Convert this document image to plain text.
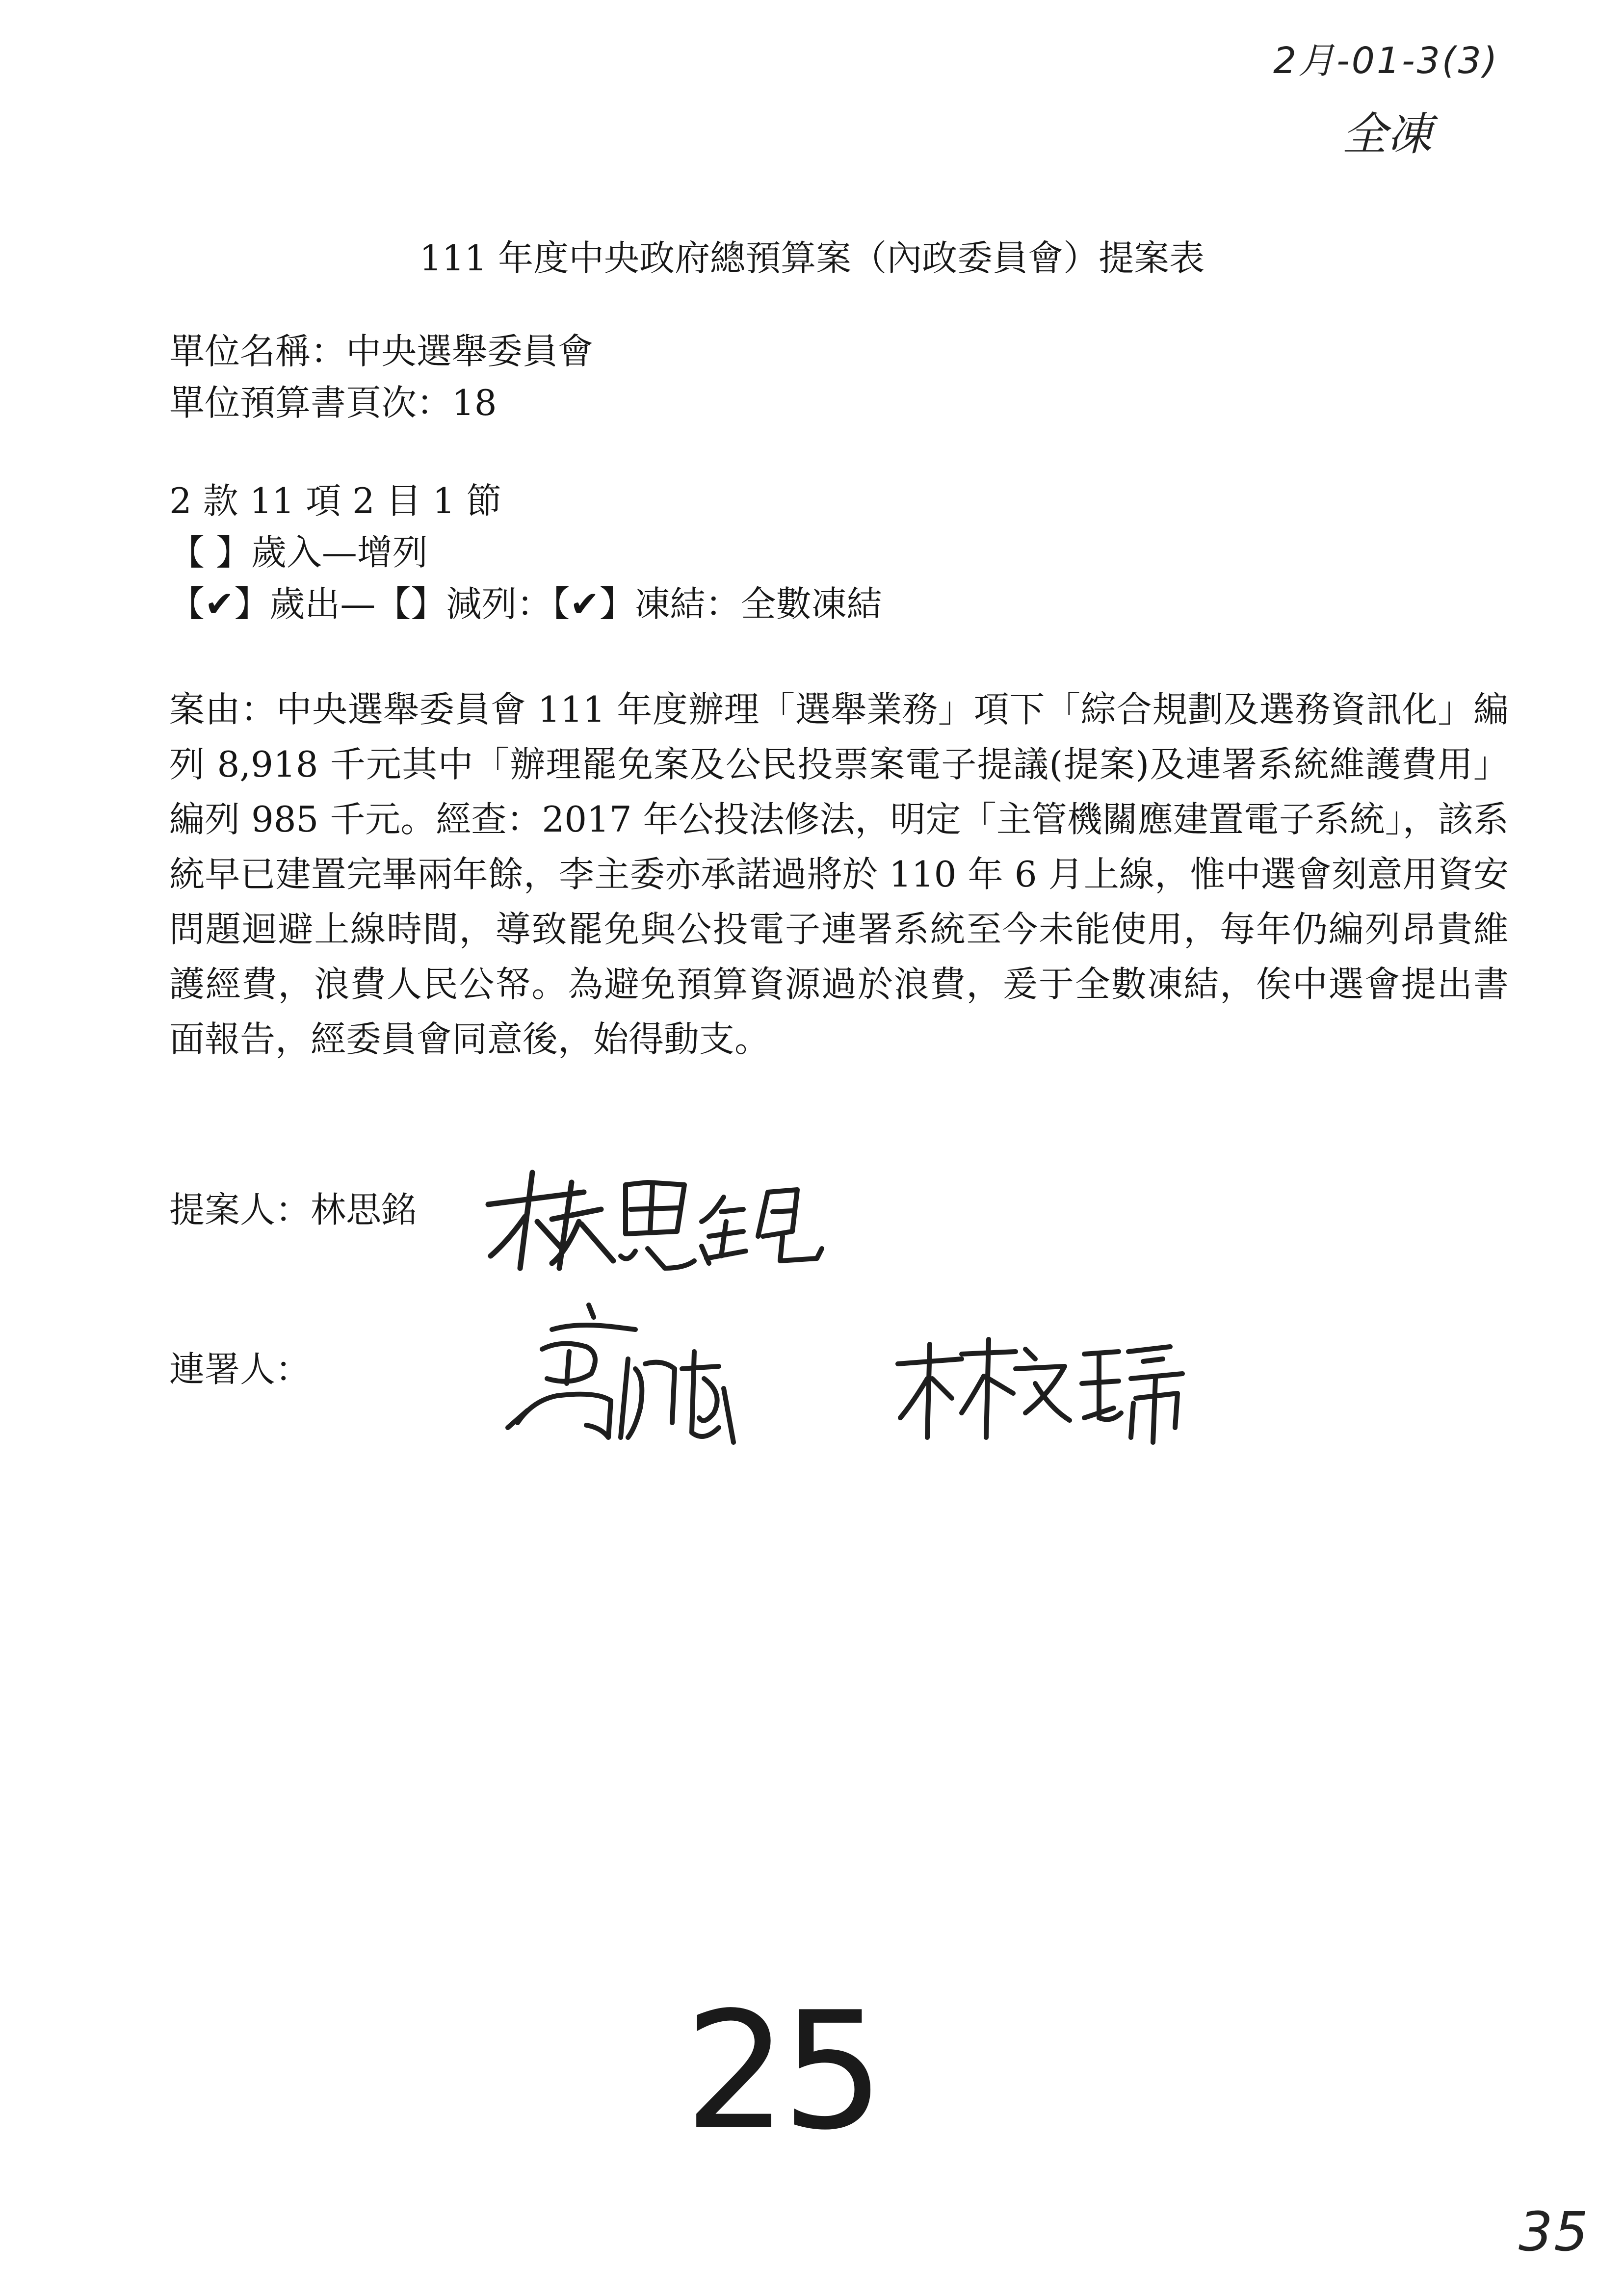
2月-01-3(3)
全凍
111 年度中央政府總預算案（內政委員會）提案表
單位名稱：中央選舉委員會
單位預算書頁次：18
2 款 11 項 2 目 1 節
【 】歲入—增列
【✔】歲出—【】減列：【✔】凍結：全數凍結
案由：中央選舉委員會 111 年度辦理「選舉業務」項下「綜合規劃及選務資訊化」編列 8,918 千元其中「辦理罷免案及公民投票案電子提議(提案)及連署系統維護費用」編列 985 千元。經查：2017 年公投法修法，明定「主管機關應建置電子系統」，該系統早已建置完畢兩年餘，李主委亦承諾過將於 110 年 6 月上線，惟中選會刻意用資安問題迴避上線時間，導致罷免與公投電子連署系統至今未能使用，每年仍編列昂貴維護經費，浪費人民公帑。為避免預算資源過於浪費，爰于全數凍結，俟中選會提出書面報告，經委員會同意後，始得動支。
提案人：林思銘
連署人：
25
35
